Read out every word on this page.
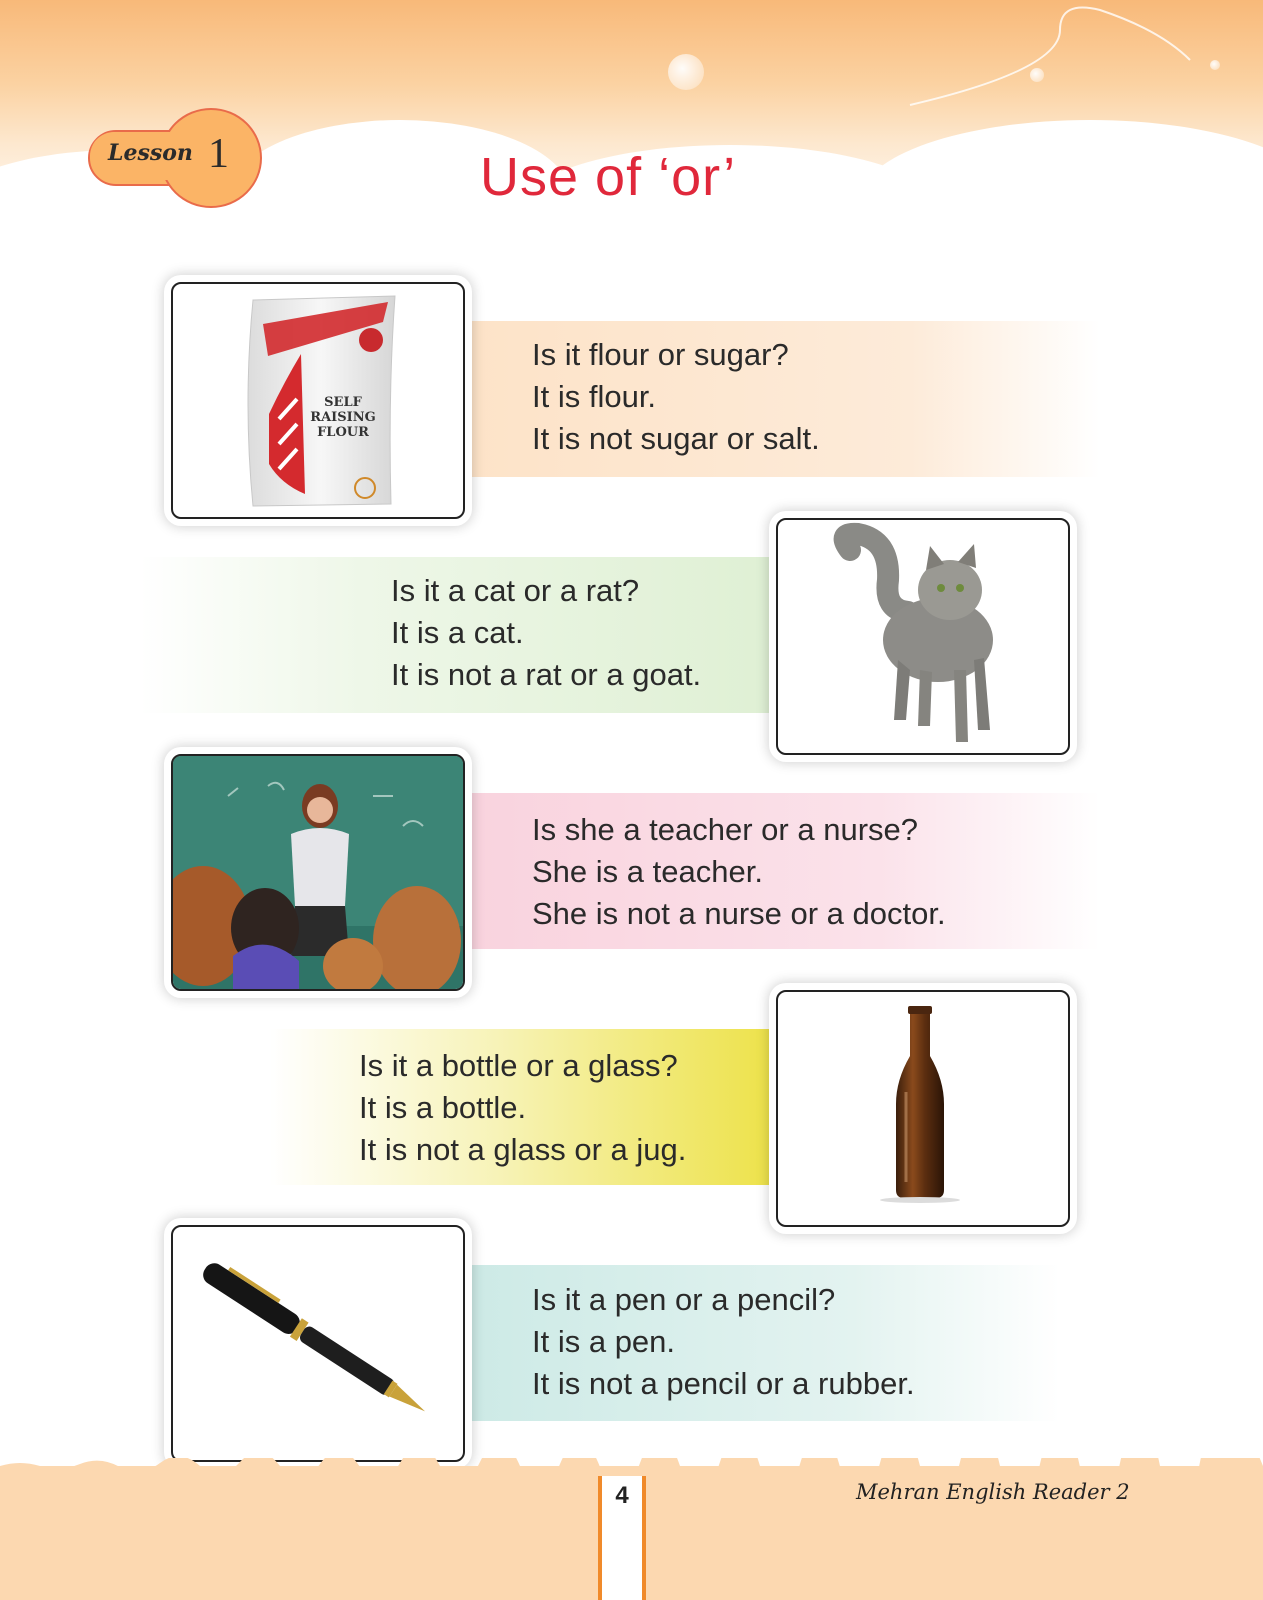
Lesson 1	Use of ‘or’
Is it flour or sugar?
It is flour.
It is not sugar or salt.
SELF
RAISING
FLOUR
Is it a cat or a rat?
It is a cat.
It is not a rat or a goat.
Is she a teacher or a nurse?
She is a teacher.
She is not a nurse or a doctor.
Is it a bottle or a glass?
It is a bottle.
It is not a glass or a jug.
Is it a pen or a pencil?
It is a pen.
It is not a pencil or a rubber.
4	Mehran English Reader 2
